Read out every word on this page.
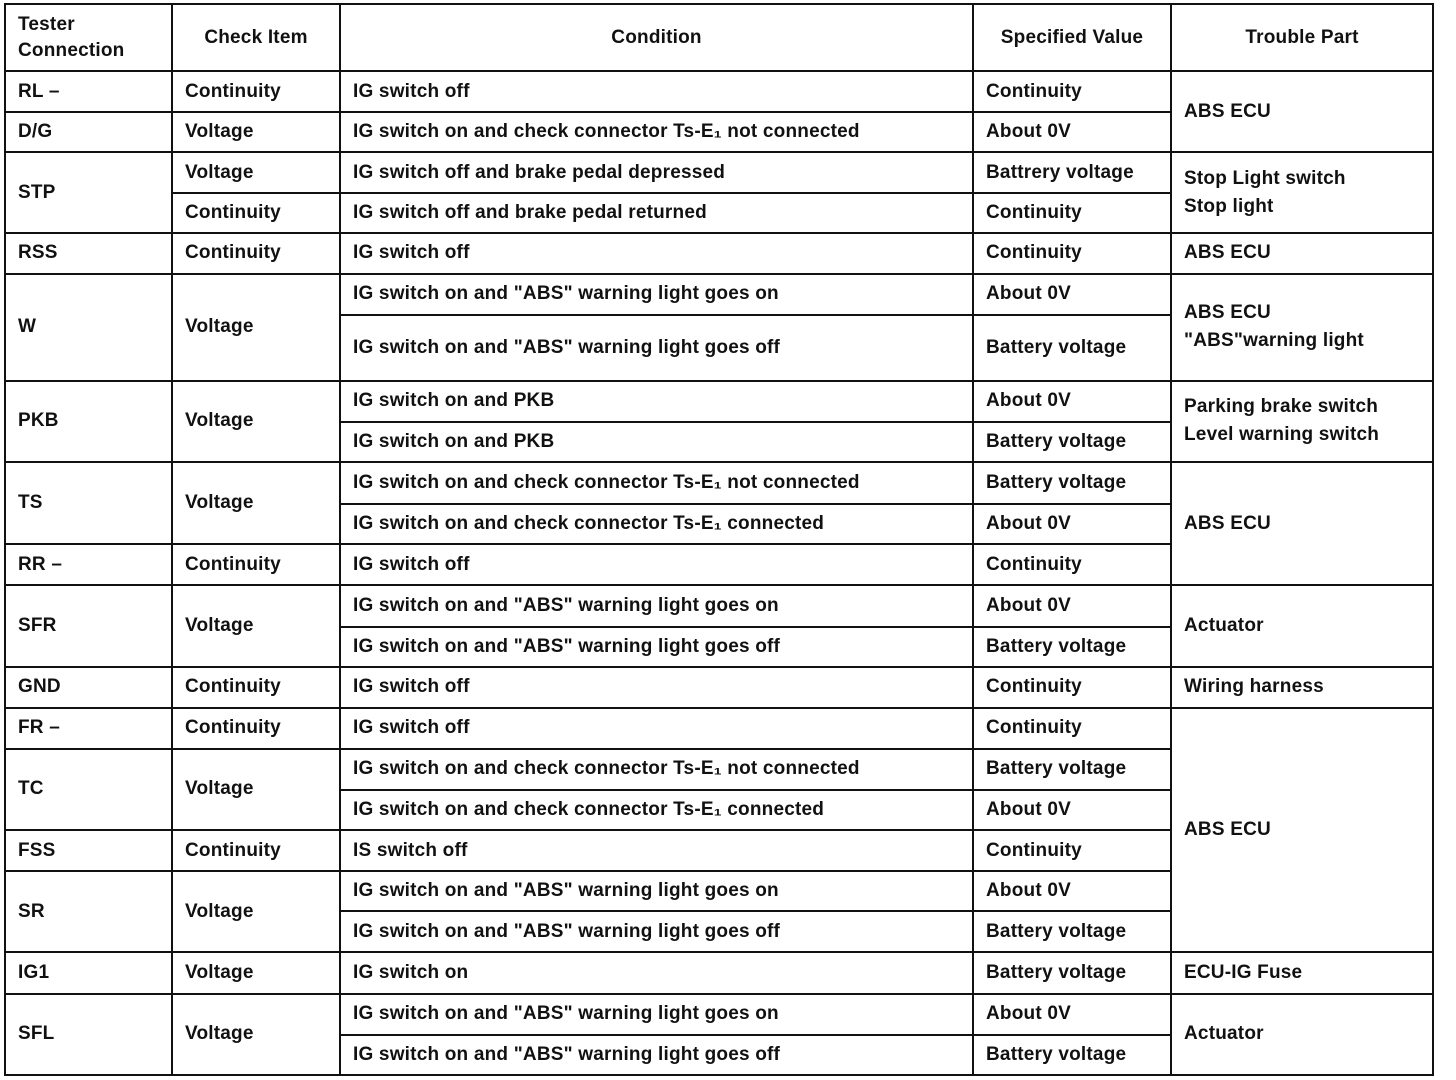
Tester Connection	Check Item	Condition	Specified Value	Trouble Part
RL –	Continuity	IG switch off	Continuity	ABS ECU
D/G	Voltage	IG switch on and check connector Ts-E₁ not connected	About 0V	
STP	Voltage	IG switch off and brake pedal depressed	Battrery voltage	Stop Light switch
Stop light

	Continuity	IG switch off and brake pedal returned	Continuity	
RSS	Continuity	IG switch off	Continuity	ABS ECU
W	Voltage	IG switch on and "ABS" warning light goes on	About 0V	ABS ECU
"ABS"warning light

		IG switch on and "ABS" warning light goes off	Battery voltage	
PKB	Voltage	IG switch on and PKB	About 0V	Parking brake switch
Level warning switch

		IG switch on and PKB	Battery voltage	
TS	Voltage	IG switch on and check connector Ts-E₁ not connected	Battery voltage	ABS ECU
		IG switch on and check connector Ts-E₁ connected	About 0V	
RR –	Continuity	IG switch off	Continuity	
SFR	Voltage	IG switch on and "ABS" warning light goes on	About 0V	Actuator
		IG switch on and "ABS" warning light goes off	Battery voltage	
GND	Continuity	IG switch off	Continuity	Wiring harness
FR –	Continuity	IG switch off	Continuity	ABS ECU
TC	Voltage	IG switch on and check connector Ts-E₁ not connected	Battery voltage	
		IG switch on and check connector Ts-E₁ connected	About 0V	
FSS	Continuity	IS switch off	Continuity	
SR	Voltage	IG switch on and "ABS" warning light goes on	About 0V	
		IG switch on and "ABS" warning light goes off	Battery voltage	
IG1	Voltage	IG switch on	Battery voltage	ECU-IG Fuse
SFL	Voltage	IG switch on and "ABS" warning light goes on	About 0V	Actuator
		IG switch on and "ABS" warning light goes off	Battery voltage	
